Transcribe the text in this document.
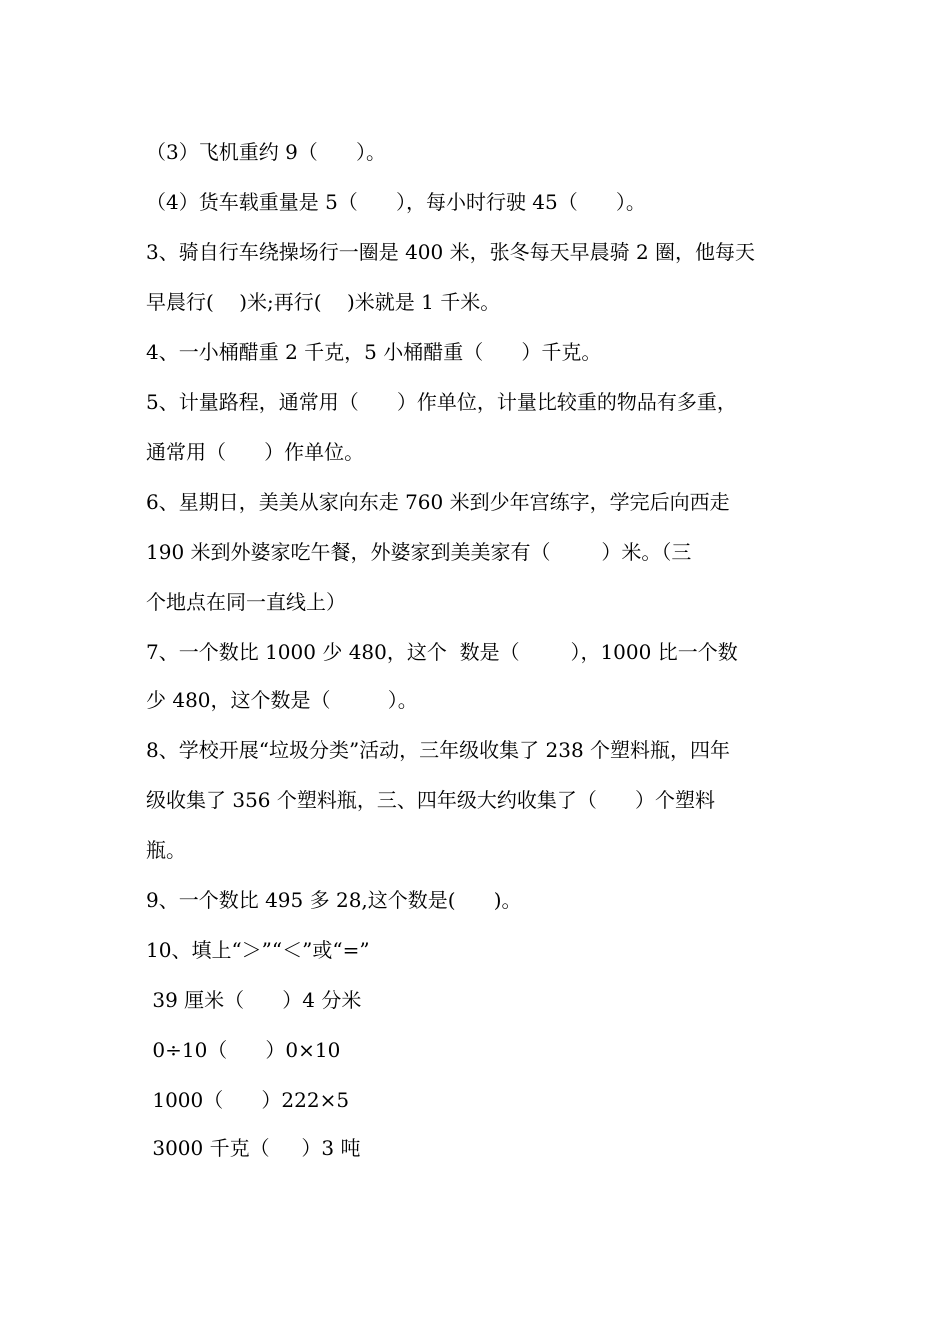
（3）飞机重约 9（      ）。
（4）货车载重量是 5（      ），每小时行驶 45（      ）。
3、骑自行车绕操场行一圈是 400 米，张冬每天早晨骑 2 圈，他每天
早晨行(    )米;再行(    )米就是 1 千米。
4、一小桶醋重 2 千克，5 小桶醋重（      ）千克。
5、计量路程，通常用（      ）作单位，计量比较重的物品有多重，
通常用（      ）作单位。
6、星期日，美美从家向东走 760 米到少年宫练字，学完后向西走
190 米到外婆家吃午餐，外婆家到美美家有（        ）米。（三
个地点在同一直线上）
7、一个数比 1000 少 480，这个  数是（        ），1000 比一个数
少 480，这个数是（         ）。
8、学校开展“垃圾分类”活动，三年级收集了 238 个塑料瓶，四年
级收集了 356 个塑料瓶，三、四年级大约收集了（      ）个塑料
瓶。
9、一个数比 495 多 28,这个数是(      )。
10、填上“＞”“＜”或“=”
39 厘米（      ）4 分米
0÷10（      ）0×10
1000（      ）222×5
3000 千克（     ）3 吨
